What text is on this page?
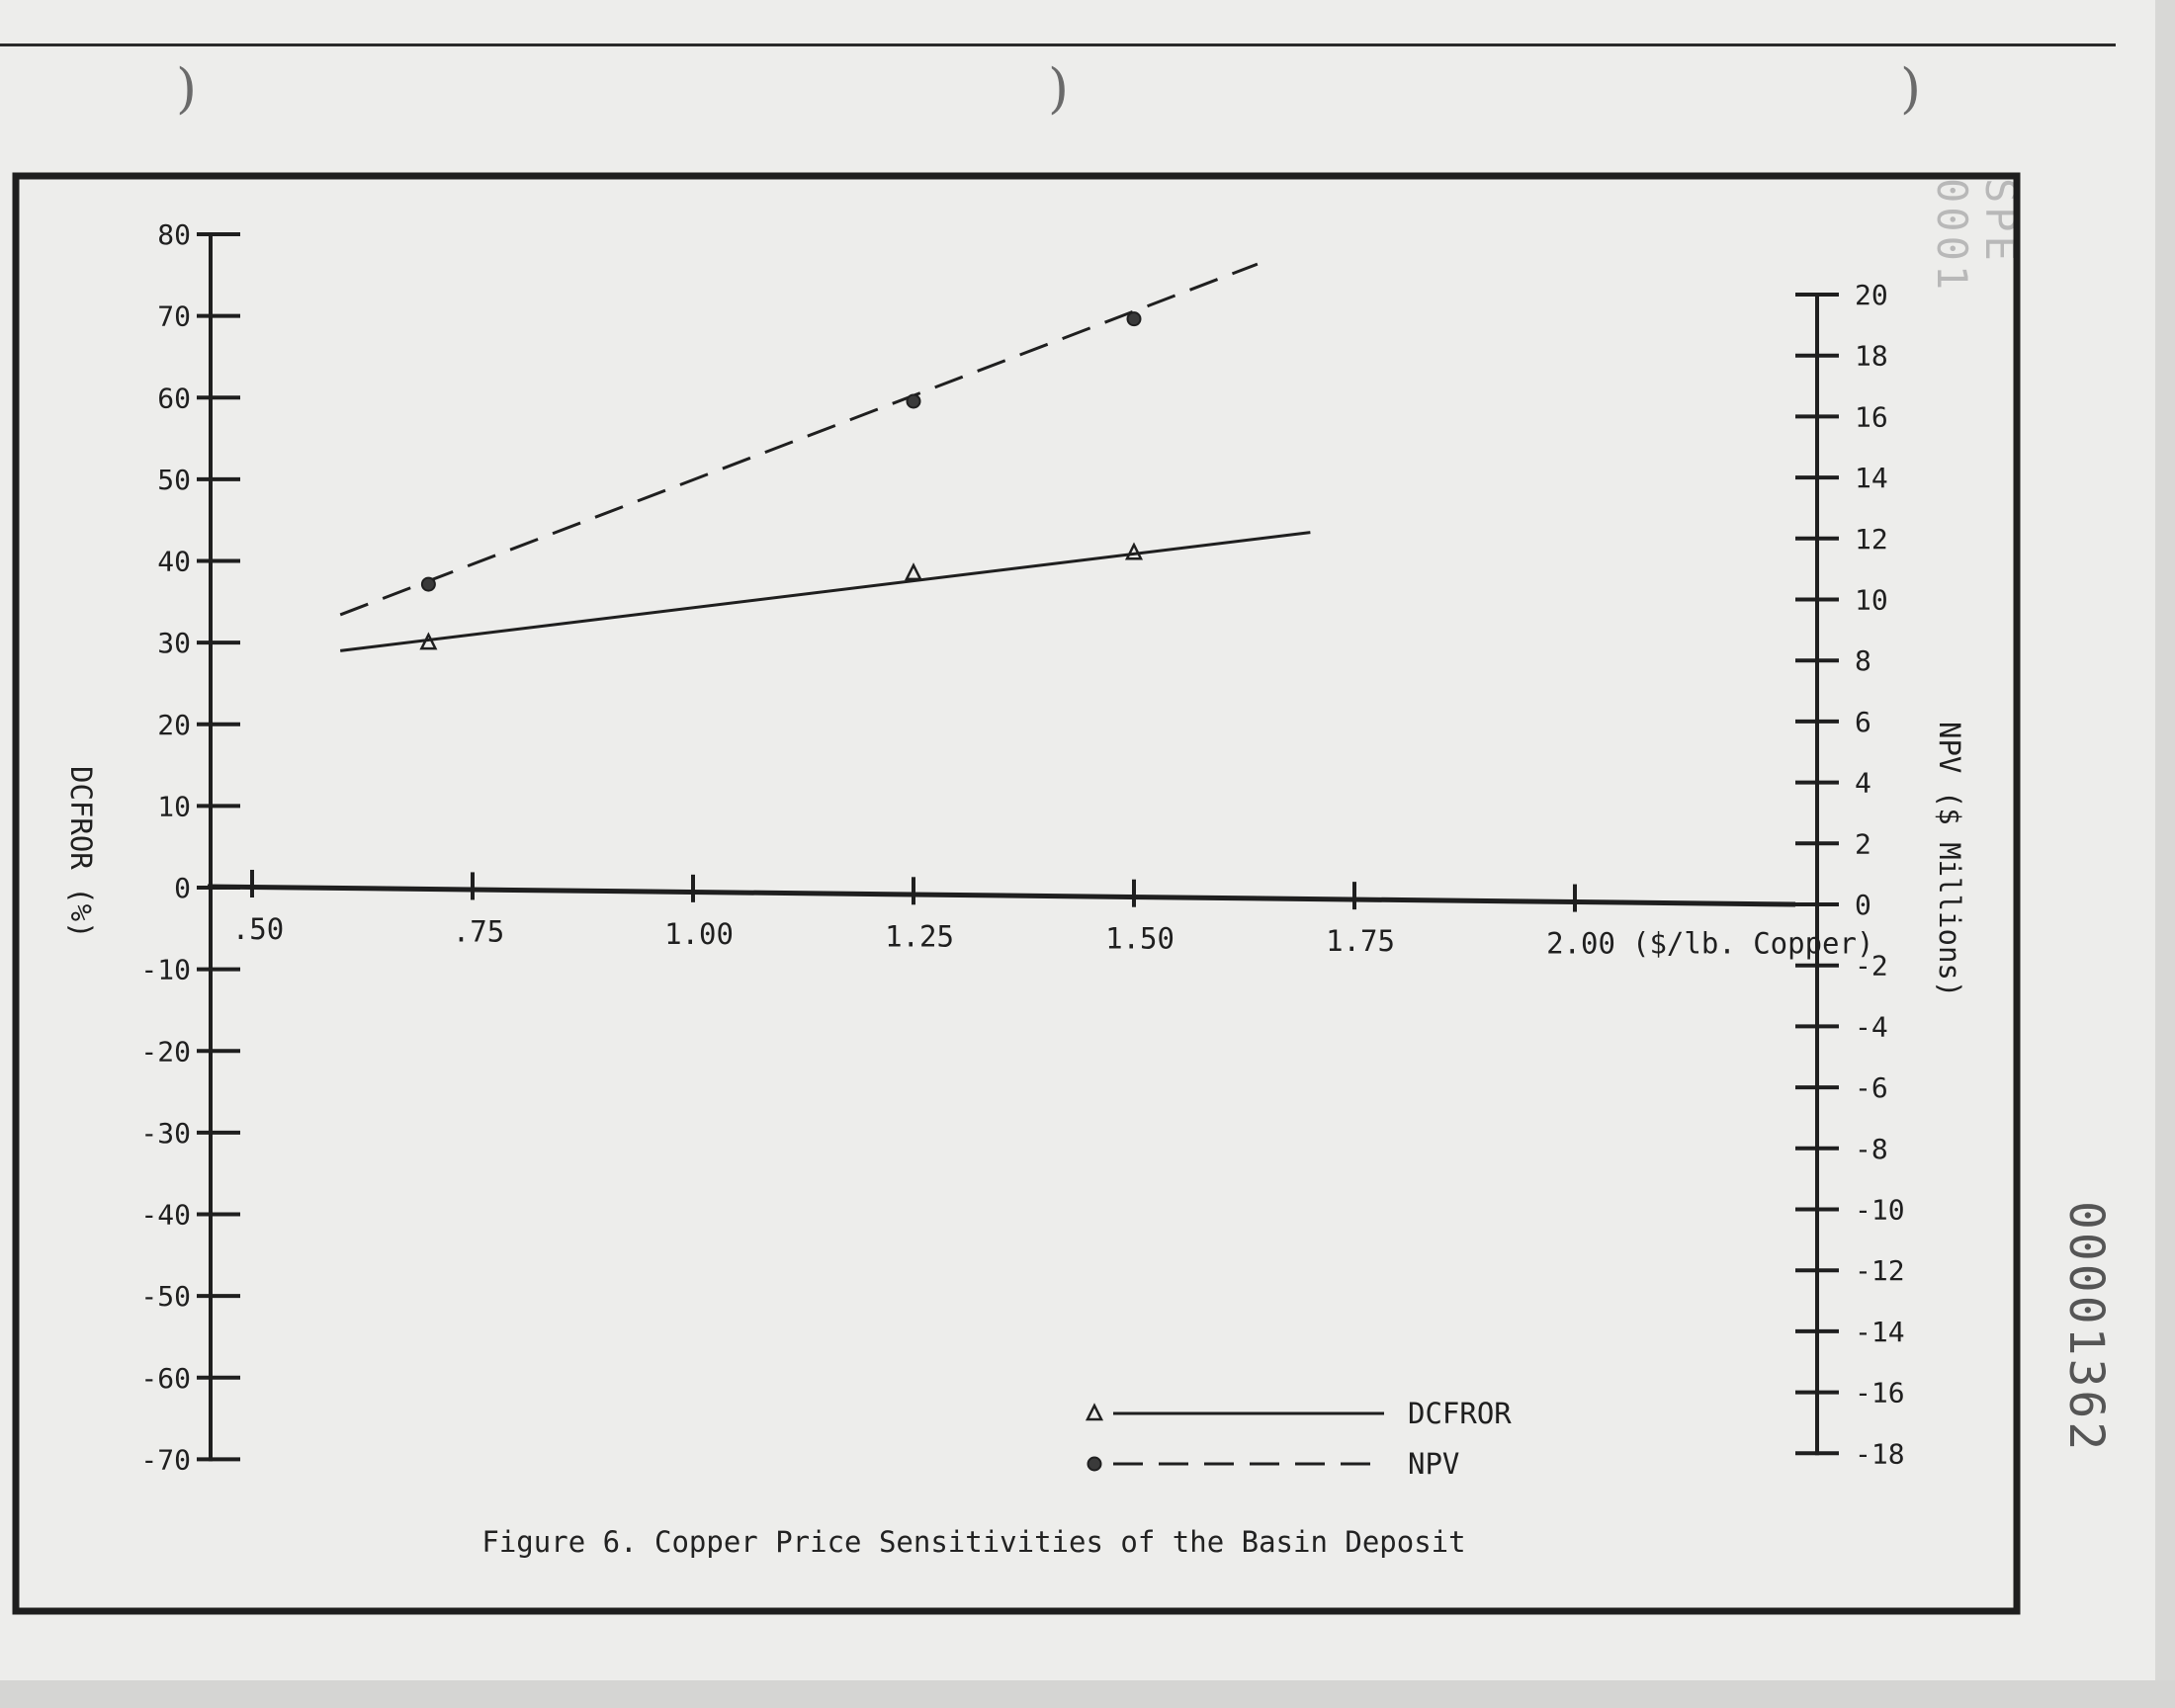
)	)	)
SPE 0001
00001362
80
70
60
50
40
30
20
10
0
-10
-20
-30
-40
-50
-60
-70
DCFROR (%)
20
18
16
14
12
10
8
6
4
2
0
-2
-4
-6
-8
-10
-12
-14
-16
-18
NPV ($ Millions)
.50	.75	1.00	1.25	1.50	1.75	2.00 ($/lb. Copper)
DCFROR
NPV
Figure 6. Copper Price Sensitivities of the Basin Deposit
